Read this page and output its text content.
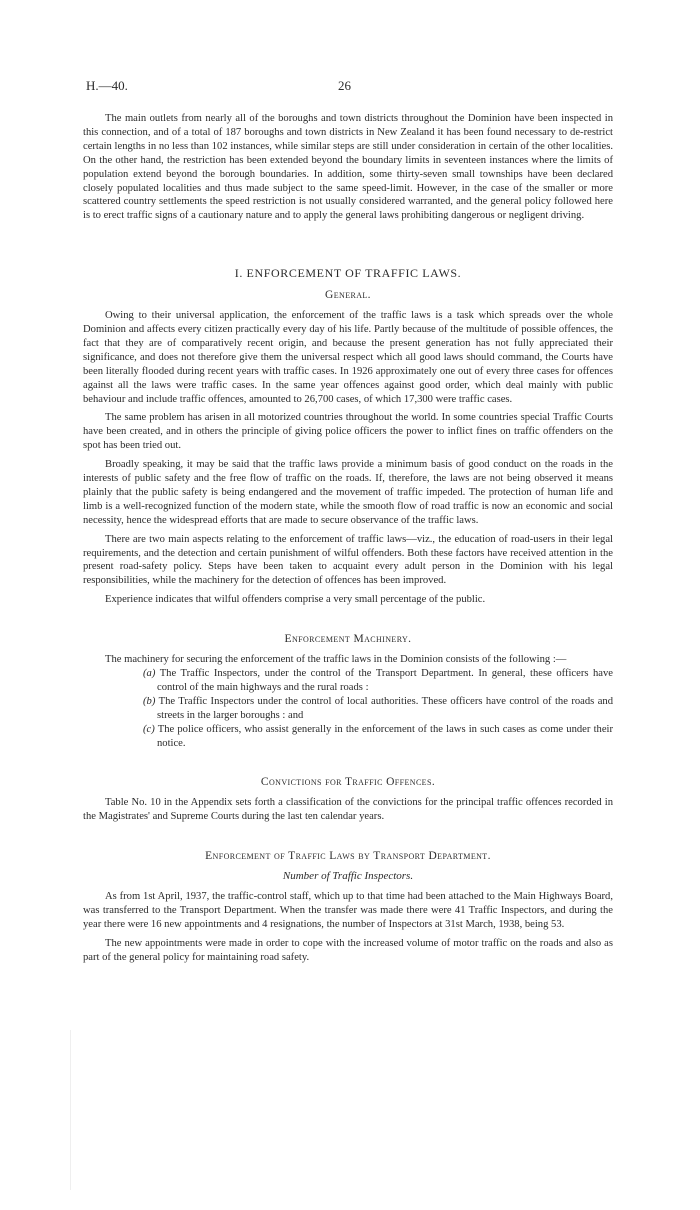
H.—40.	26

The main outlets from nearly all of the boroughs and town districts throughout the Dominion have been inspected in this connection, and of a total of 187 boroughs and town districts in New Zealand it has been found necessary to de-restrict certain lengths in no less than 102 instances, while similar steps are still under consideration in certain of the other localities. On the other hand, the restriction has been extended beyond the boundary limits in seventeen instances where the limits of population extend beyond the borough boundaries. In addition, some thirty-seven small townships have been declared closely populated localities and thus made subject to the same speed-limit. However, in the case of the smaller or more scattered country settlements the speed restriction is not usually considered warranted, and the general policy followed here is to erect traffic signs of a cautionary nature and to apply the general laws prohibiting dangerous or negligent driving.

I. ENFORCEMENT OF TRAFFIC LAWS.
General.

Owing to their universal application, the enforcement of the traffic laws is a task which spreads over the whole Dominion and affects every citizen practically every day of his life. Partly because of the multitude of possible offences, the fact that they are of comparatively recent origin, and because the present generation has not fully appreciated their significance, and does not therefore give them the universal respect which all good laws should command, the Courts have been literally flooded during recent years with traffic cases. In 1926 approximately one out of every three cases for offences against all the laws were traffic cases. In the same year offences against good order, which deal mainly with public behaviour and include traffic offences, amounted to 26,700 cases, of which 17,300 were traffic cases.

The same problem has arisen in all motorized countries throughout the world. In some countries special Traffic Courts have been created, and in others the principle of giving police officers the power to inflict fines on traffic offenders on the spot has been tried out.

Broadly speaking, it may be said that the traffic laws provide a minimum basis of good conduct on the roads in the interests of public safety and the free flow of traffic on the roads. If, therefore, the laws are not being observed it means plainly that the public safety is being endangered and the movement of traffic impeded. The protection of human life and limb is a well-recognized function of the modern state, while the smooth flow of road traffic is now an economic and social necessity, hence the widespread efforts that are made to secure observance of the traffic laws.

There are two main aspects relating to the enforcement of traffic laws—viz., the education of road-users in their legal requirements, and the detection and certain punishment of wilful offenders. Both these factors have received attention in the present road-safety policy. Steps have been taken to acquaint every adult person in the Dominion with his legal responsibilities, while the machinery for the detection of offences has been improved.

Experience indicates that wilful offenders comprise a very small percentage of the public.

Enforcement Machinery.

The machinery for securing the enforcement of the traffic laws in the Dominion consists of the following :—

(a) The Traffic Inspectors, under the control of the Transport Department. In general, these officers have control of the main highways and the rural roads :
(b) The Traffic Inspectors under the control of local authorities. These officers have control of the roads and streets in the larger boroughs : and
(c) The police officers, who assist generally in the enforcement of the laws in such cases as come under their notice.
Convictions for Traffic Offences.

Table No. 10 in the Appendix sets forth a classification of the convictions for the principal traffic offences recorded in the Magistrates' and Supreme Courts during the last ten calendar years.

Enforcement of Traffic Laws by Transport Department.
Number of Traffic Inspectors.

As from 1st April, 1937, the traffic-control staff, which up to that time had been attached to the Main Highways Board, was transferred to the Transport Department. When the transfer was made there were 41 Traffic Inspectors, and during the year there were 16 new appointments and 4 resignations, the number of Inspectors at 31st March, 1938, being 53.

The new appointments were made in order to cope with the increased volume of motor traffic on the roads and also as part of the general policy for maintaining road safety.
